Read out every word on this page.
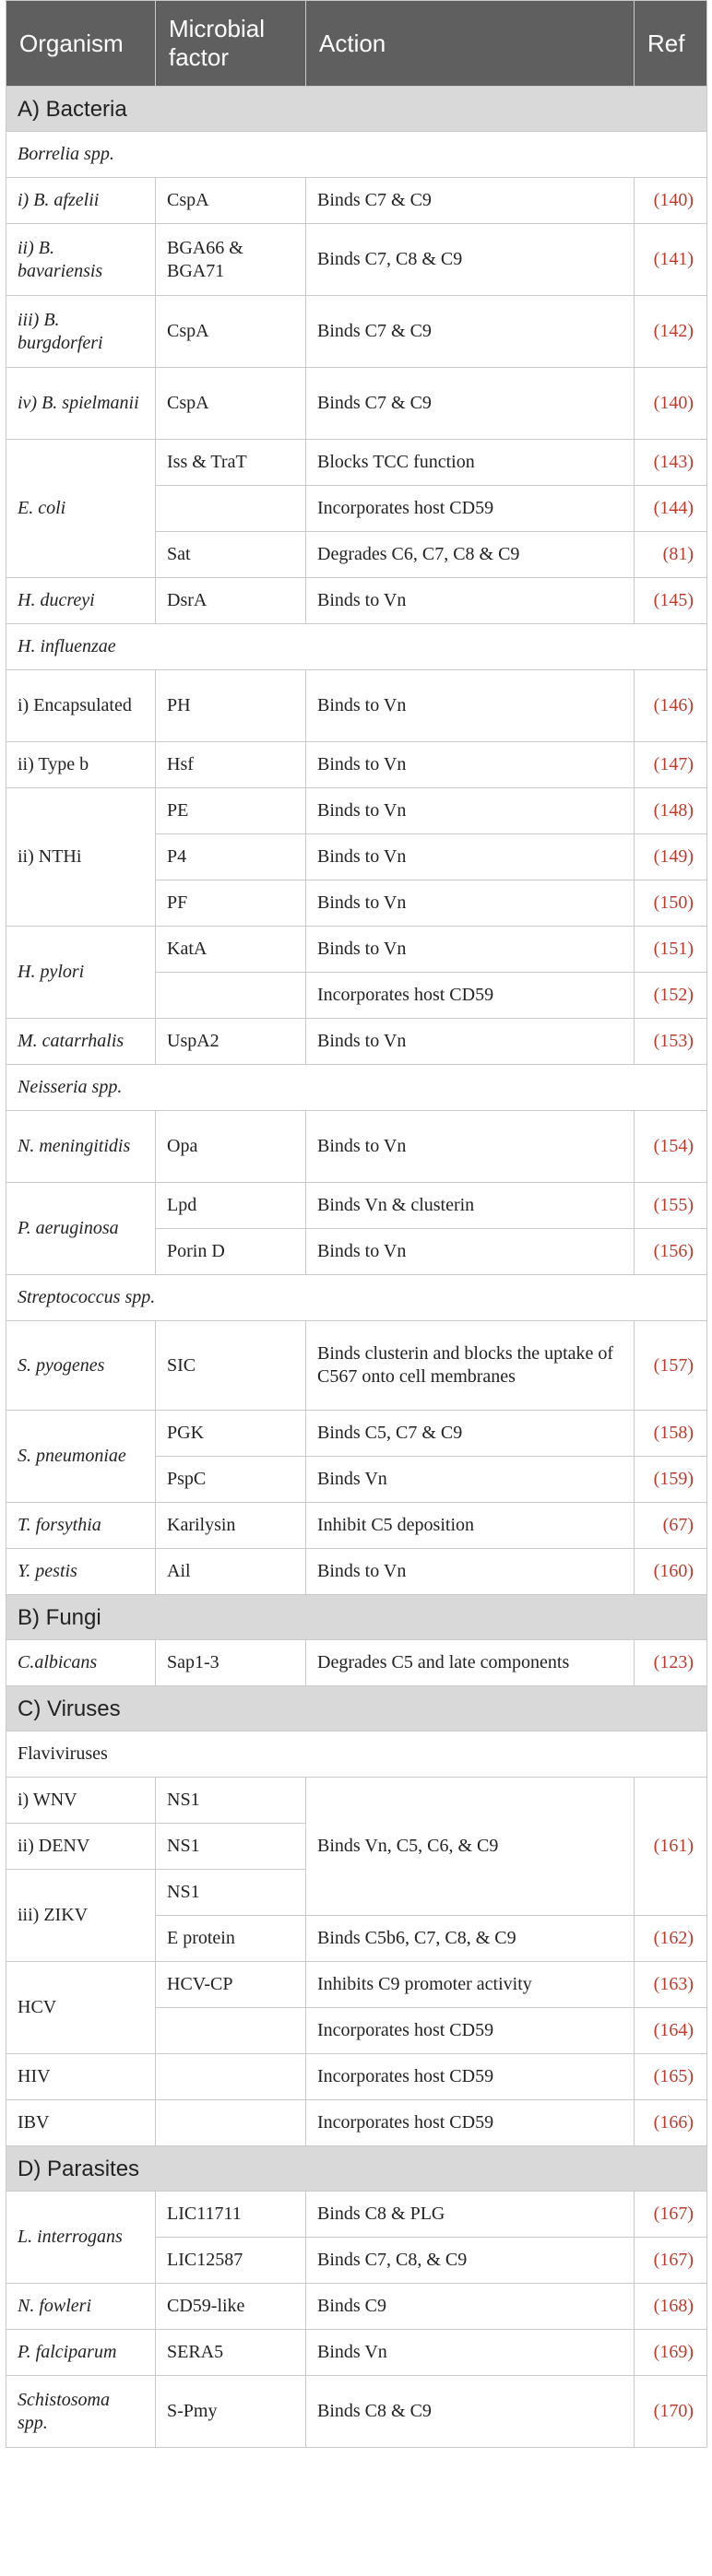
Organism	Microbial factor	Action	Ref
A) Bacteria			
Borrelia spp.			
i) B. afzelii	CspA	Binds C7 & C9	(140)
ii) B. bavariensis	BGA66 & BGA71	Binds C7, C8 & C9	(141)
iii) B. burgdorferi	CspA	Binds C7 & C9	(142)
iv) B. spielmanii	CspA	Binds C7 & C9	(140)
E. coli	Iss & TraT	Blocks TCC function	(143)
		Incorporates host CD59	(144)
	Sat	Degrades C6, C7, C8 & C9	(81)
H. ducreyi	DsrA	Binds to Vn	(145)
H. influenzae			
i) Encapsulated	PH	Binds to Vn	(146)
ii) Type b	Hsf	Binds to Vn	(147)
ii) NTHi	PE	Binds to Vn	(148)
	P4	Binds to Vn	(149)
	PF	Binds to Vn	(150)
H. pylori	KatA	Binds to Vn	(151)
		Incorporates host CD59	(152)
M. catarrhalis	UspA2	Binds to Vn	(153)
Neisseria spp.			
N. meningitidis	Opa	Binds to Vn	(154)
P. aeruginosa	Lpd	Binds Vn & clusterin	(155)
	Porin D	Binds to Vn	(156)
Streptococcus spp.			
S. pyogenes	SIC	Binds clusterin and blocks the uptake of C567 onto cell membranes	(157)
S. pneumoniae	PGK	Binds C5, C7 & C9	(158)
	PspC	Binds Vn	(159)
T. forsythia	Karilysin	Inhibit C5 deposition	(67)
Y. pestis	Ail	Binds to Vn	(160)
B) Fungi			
C.albicans	Sap1-3	Degrades C5 and late components	(123)
C) Viruses			
Flaviviruses			
i) WNV	NS1	Binds Vn, C5, C6, & C9	(161)
ii) DENV	NS1		
iii) ZIKV	NS1		
	E protein	Binds C5b6, C7, C8, & C9	(162)
HCV	HCV-CP	Inhibits C9 promoter activity	(163)
		Incorporates host CD59	(164)
HIV		Incorporates host CD59	(165)
IBV		Incorporates host CD59	(166)
D) Parasites			
L. interrogans	LIC11711	Binds C8 & PLG	(167)
	LIC12587	Binds C7, C8, & C9	(167)
N. fowleri	CD59-like	Binds C9	(168)
P. falciparum	SERA5	Binds Vn	(169)
Schistosoma spp.	S-Pmy	Binds C8 & C9	(170)
